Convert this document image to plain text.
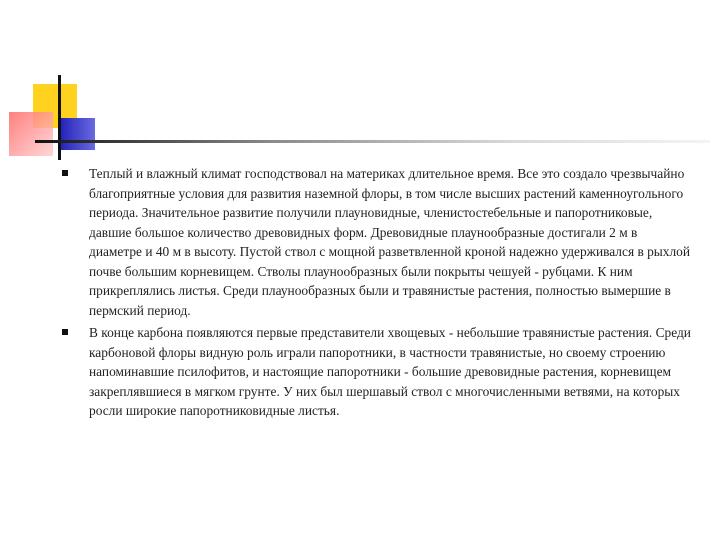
Теплый и влажный климат господствовал на материках длительное время. Все это создало чрезвычайно благоприятные условия для развития наземной флоры, в том числе высших растений каменноугольного периода. Значительное развитие получили плауновидные, членистостебельные и папоротниковые, давшие большое количество древовидных форм. Древовидные плаунообразные достигали 2 м в диаметре и 40 м в высоту. Пустой ствол с мощной разветвленной кроной надежно удерживался в рыхлой почве большим корневищем. Стволы плаунообразных были покрыты чешуей - рубцами. К ним прикреплялись листья. Среди плаунообразных были и травянистые растения, полностью вымершие в пермский период.
В конце карбона появляются первые представители хвощевых - небольшие травянистые растения. Среди карбоновой флоры видную роль играли папоротники, в частности травянистые, но своему строению напоминавшие псилофитов, и настоящие папоротники - большие древовидные растения, корневищем закреплявшиеся в мягком грунте. У них был шершавый ствол с многочисленными ветвями, на которых росли широкие папоротниковидные листья.
